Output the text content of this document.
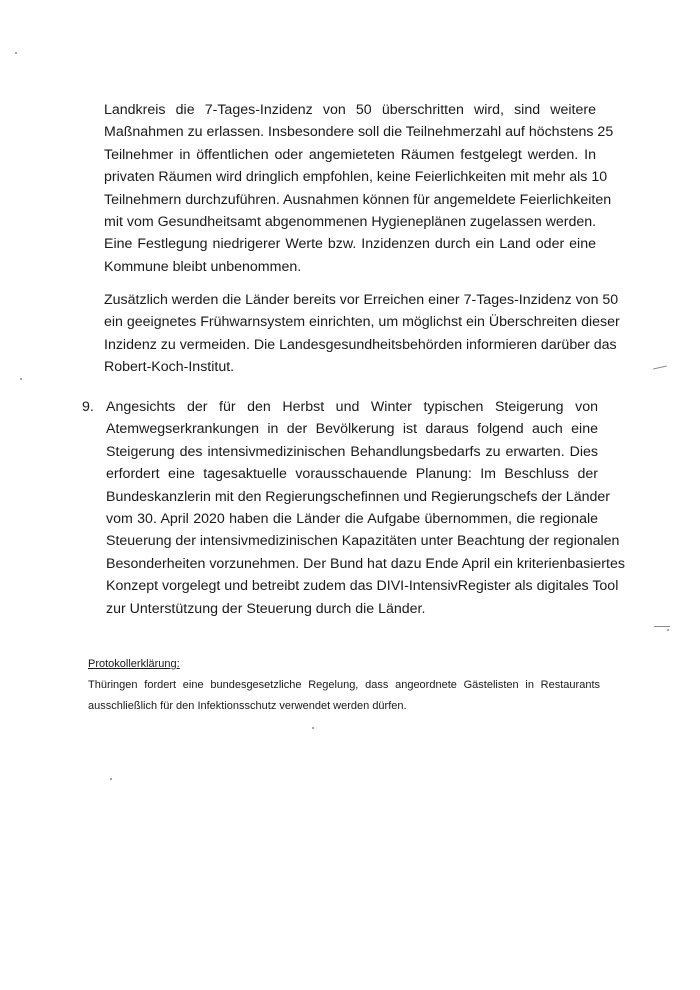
Landkreis die 7-Tages-Inzidenz von 50 überschritten wird, sind weitere
Maßnahmen zu erlassen. Insbesondere soll die Teilnehmerzahl auf höchstens 25
Teilnehmer in öffentlichen oder angemieteten Räumen festgelegt werden. In
privaten Räumen wird dringlich empfohlen, keine Feierlichkeiten mit mehr als 10
Teilnehmern durchzuführen. Ausnahmen können für angemeldete Feierlichkeiten
mit vom Gesundheitsamt abgenommenen Hygieneplänen zugelassen werden.
Eine Festlegung niedrigerer Werte bzw. Inzidenzen durch ein Land oder eine
Kommune bleibt unbenommen.
Zusätzlich werden die Länder bereits vor Erreichen einer 7-Tages-Inzidenz von 50
ein geeignetes Frühwarnsystem einrichten, um möglichst ein Überschreiten dieser
Inzidenz zu vermeiden. Die Landesgesundheitsbehörden informieren darüber das
Robert-Koch-Institut.
9. Angesichts der für den Herbst und Winter typischen Steigerung von
Atemwegserkrankungen in der Bevölkerung ist daraus folgend auch eine
Steigerung des intensivmedizinischen Behandlungsbedarfs zu erwarten. Dies
erfordert eine tagesaktuelle vorausschauende Planung: Im Beschluss der
Bundeskanzlerin mit den Regierungschefinnen und Regierungschefs der Länder
vom 30. April 2020 haben die Länder die Aufgabe übernommen, die regionale
Steuerung der intensivmedizinischen Kapazitäten unter Beachtung der regionalen
Besonderheiten vorzunehmen. Der Bund hat dazu Ende April ein kriterienbasiertes
Konzept vorgelegt und betreibt zudem das DIVI-IntensivRegister als digitales Tool
zur Unterstützung der Steuerung durch die Länder.
Protokollerklärung:
Thüringen fordert eine bundesgesetzliche Regelung, dass angeordnete Gästelisten in Restaurants
ausschließlich für den Infektionsschutz verwendet werden dürfen.
